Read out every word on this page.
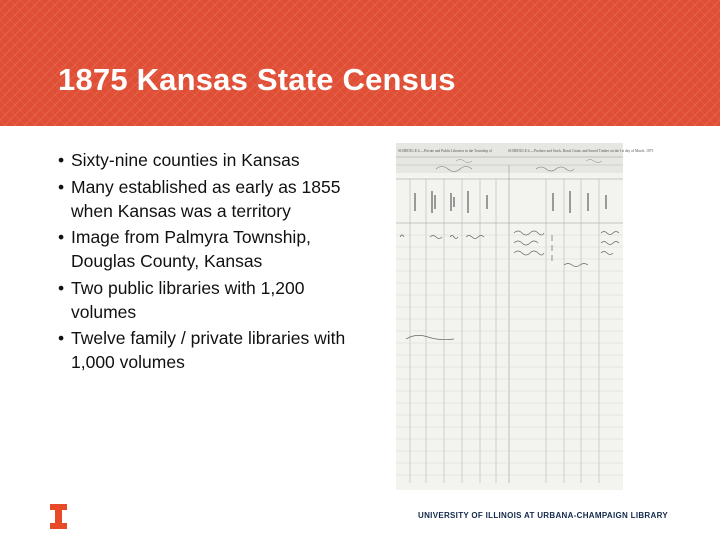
1875 Kansas State Census
• Sixty-nine counties in Kansas
• Many established as early as 1855 when Kansas was a territory
• Image from Palmyra Township, Douglas County, Kansas
• Two public libraries with 1,200 volumes
• Twelve family / private libraries with 1,000 volumes
SCHEDULE 6.—Private and Public Libraries in the Township of	SCHEDULE 6.—Produce and Stock, Bond, Grain, and Sawed Timber on the 1st day of March, 1875
UNIVERSITY OF ILLINOIS AT URBANA-CHAMPAIGN LIBRARY
